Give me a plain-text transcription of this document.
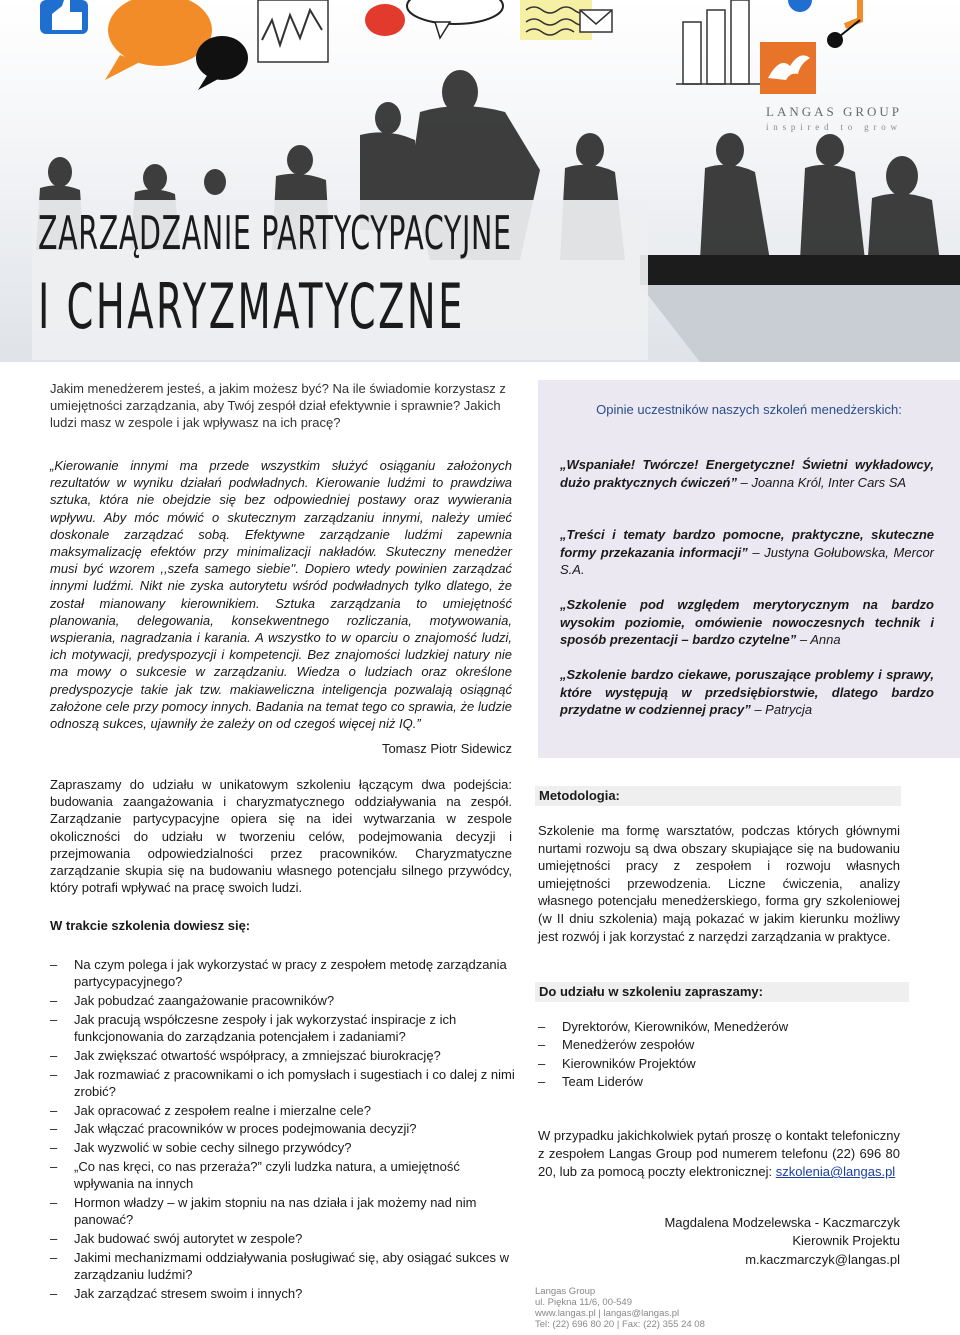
LANGAS GROUP
inspired to grow
ZARZĄDZANIE PARTYCYPACYJNE
I CHARYZMATYCZNE
Jakim menedżerem jesteś, a jakim możesz być? Na ile świadomie korzystasz z umiejętności zarządzania, aby Twój zespół dział efektywnie i sprawnie? Jakich ludzi masz w zespole i jak wpływasz na ich pracę?
„Kierowanie innymi ma przede wszystkim służyć osiąganiu założonych rezultatów w wyniku działań podwładnych. Kierowanie ludźmi to prawdziwa sztuka, która nie obejdzie się bez odpowiedniej postawy oraz wywierania wpływu. Aby móc mówić o skutecznym zarządzaniu innymi, należy umieć doskonale zarządzać sobą. Efektywne zarządzanie ludźmi zapewnia maksymalizację efektów przy minimalizacji nakładów. Skuteczny menedżer musi być wzorem ,,szefa samego siebie''. Dopiero wtedy powinien zarządzać innymi ludźmi. Nikt nie zyska autorytetu wśród podwładnych tylko dlatego, że został mianowany kierownikiem. Sztuka zarządzania to umiejętność planowania, delegowania, konsekwentnego rozliczania, motywowania, wspierania, nagradzania i karania. A wszystko to w oparciu o znajomość ludzi, ich motywacji, predyspozycji i kompetencji. Bez znajomości ludzkiej natury nie ma mowy o sukcesie w zarządzaniu. Wiedza o ludziach oraz określone predyspozycje takie jak tzw. makiaweliczna inteligencja pozwalają osiągnąć założone cele przy pomocy innych. Badania na temat tego co sprawia, że ludzie odnoszą sukces, ujawniły że zależy on od czegoś więcej niż IQ.”
Tomasz Piotr Sidewicz
Opinie uczestników naszych szkoleń menedżerskich:
„Wspaniałe! Twórcze! Energetyczne! Świetni wykładowcy, dużo praktycznych ćwiczeń” – Joanna Król, Inter Cars SA
„Treści i tematy bardzo pomocne, praktyczne, skuteczne formy przekazania informacji” – Justyna Gołubowska, Mercor S.A.
„Szkolenie pod względem merytorycznym na bardzo wysokim poziomie, omówienie nowoczesnych technik i sposób prezentacji – bardzo czytelne” – Anna
„Szkolenie bardzo ciekawe, poruszające problemy i sprawy, które występują w przedsiębiorstwie, dlatego bardzo przydatne w codziennej pracy” – Patrycja
Zapraszamy do udziału w unikatowym szkoleniu łączącym dwa podejścia: budowania zaangażowania i charyzmatycznego oddziaływania na zespół. Zarządzanie partycypacyjne opiera się na idei wytwarzania w zespole okoliczności do udziału w tworzeniu celów, podejmowania decyzji i przejmowania odpowiedzialności przez pracowników. Charyzmatyczne zarządzanie skupia się na budowaniu własnego potencjału silnego przywódcy, który potrafi wpływać na pracę swoich ludzi.
W trakcie szkolenia dowiesz się:
– Na czym polega i jak wykorzystać w pracy z zespołem metodę zarządzania partycypacyjnego?
– Jak pobudzać zaangażowanie pracowników?
– Jak pracują współczesne zespoły i jak wykorzystać inspiracje z ich funkcjonowania do zarządzania potencjałem i zadaniami?
– Jak zwiększać otwartość współpracy, a zmniejszać biurokrację?
– Jak rozmawiać z pracownikami o ich pomysłach i sugestiach i co dalej z nimi zrobić?
– Jak opracować z zespołem realne i mierzalne cele?
– Jak włączać pracowników w proces podejmowania decyzji?
– Jak wyzwolić w sobie cechy silnego przywódcy?
– „Co nas kręci, co nas przeraża?” czyli ludzka natura, a umiejętność wpływania na innych
– Hormon władzy – w jakim stopniu na nas działa i jak możemy nad nim panować?
– Jak budować swój autorytet w zespole?
– Jakimi mechanizmami oddziaływania posługiwać się, aby osiągać sukces w zarządzaniu ludźmi?
– Jak zarządzać stresem swoim i innych?
Metodologia:
Szkolenie ma formę warsztatów, podczas których głównymi nurtami rozwoju są dwa obszary skupiające się na budowaniu umiejętności pracy z zespołem i rozwoju własnych umiejętności przewodzenia. Liczne ćwiczenia, analizy własnego potencjału menedżerskiego, forma gry szkoleniowej (w II dniu szkolenia) mają pokazać w jakim kierunku możliwy jest rozwój i jak korzystać z narzędzi zarządzania w praktyce.
Do udziału w szkoleniu zapraszamy:
– Dyrektorów, Kierowników, Menedżerów
– Menedżerów zespołów
– Kierowników Projektów
– Team Liderów
W przypadku jakichkolwiek pytań proszę o kontakt telefoniczny z zespołem Langas Group pod numerem telefonu (22) 696 80 20, lub za pomocą poczty elektronicznej: szkolenia@langas.pl
Magdalena Modzelewska - Kaczmarczyk
Kierownik Projektu
m.kaczmarczyk@langas.pl
Langas Group
ul. Piękna 11/6, 00-549
www.langas.pl | langas@langas.pl
Tel: (22) 696 80 20 | Fax: (22) 355 24 08
